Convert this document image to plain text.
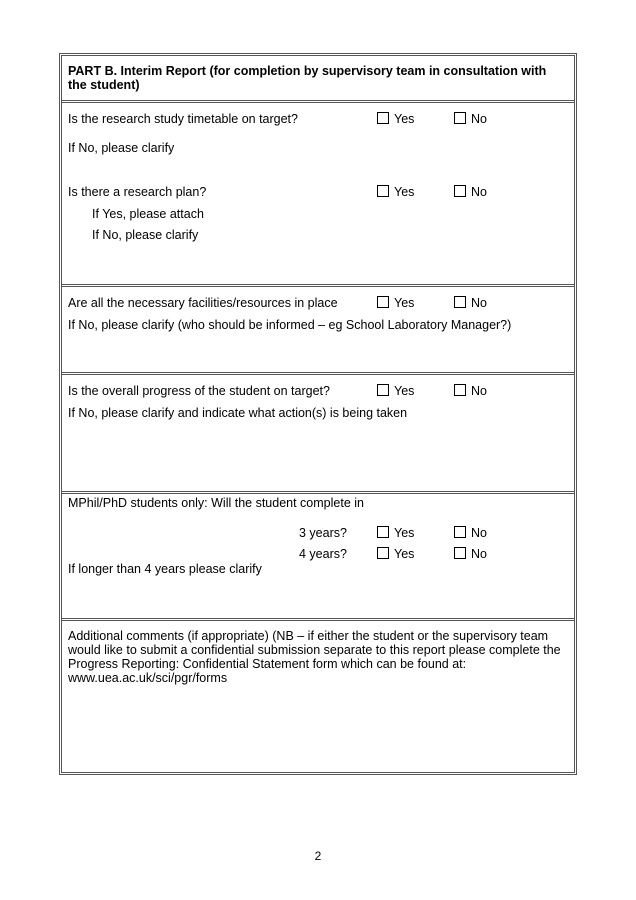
PART B. Interim Report (for completion by supervisory team in consultation with the student)
Is the research study timetable on target?	Yes	No
If No, please clarify
Is there a research plan?	Yes	No
If Yes, please attach
If No, please clarify
Are all the necessary facilities/resources in place	Yes	No
If No, please clarify (who should be informed – eg School Laboratory Manager?)
Is the overall progress of the student on target?	Yes	No
If No, please clarify and indicate what action(s) is being taken
MPhil/PhD students only: Will the student complete in
3 years?	Yes	No
4 years?	Yes	No
If longer than 4 years please clarify
Additional comments (if appropriate) (NB – if either the student or the supervisory team would like to submit a confidential submission separate to this report please complete the Progress Reporting: Confidential Statement form which can be found at: www.uea.ac.uk/sci/pgr/forms
2
